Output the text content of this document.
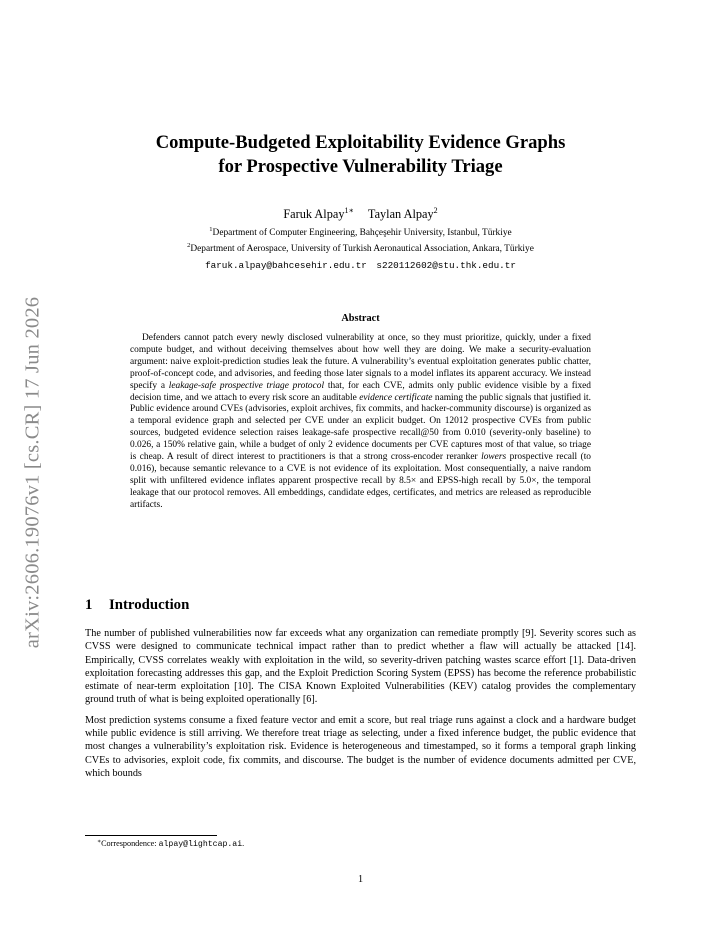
arXiv:2606.19076v1 [cs.CR] 17 Jun 2026
Compute-Budgeted Exploitability Evidence Graphs
for Prospective Vulnerability Triage
Faruk Alpay$^{1∗}$ Taylan Alpay$^2$
$^1$Department of Computer Engineering, Bahçeşehir University, Istanbul, Türkiye
$^2$Department of Aerospace, University of Turkish Aeronautical Association, Ankara, Türkiye
faruk.alpay@bahcesehir.edu.tr s220112602@stu.thk.edu.tr
Abstract

Defenders cannot patch every newly disclosed vulnerability at once, so they must prioritize, quickly, under a fixed compute budget, and without deceiving themselves about how well they are doing. We make a security-evaluation argument: naive exploit-prediction studies leak the future. A vulnerability’s eventual exploitation generates public chatter, proof-of-concept code, and advisories, and feeding those later signals to a model inflates its apparent accuracy. We instead specify a leakage-safe prospective triage protocol that, for each CVE, admits only public evidence visible by a fixed decision time, and we attach to every risk score an auditable evidence certificate naming the public signals that justified it. Public evidence around CVEs (advisories, exploit archives, fix commits, and hacker-community discourse) is organized as a temporal evidence graph and selected per CVE under an explicit budget. On 12012 prospective CVEs from public sources, budgeted evidence selection raises leakage-safe prospective recall@50 from 0.010 (severity-only baseline) to 0.026, a 150% relative gain, while a budget of only 2 evidence documents per CVE captures most of that value, so triage is cheap. A result of direct interest to practitioners is that a strong cross-encoder reranker lowers prospective recall (to 0.016), because semantic relevance to a CVE is not evidence of its exploitation. Most consequentially, a naive random split with unfiltered evidence inflates apparent prospective recall by 8.5× and EPSS-high recall by 5.0×, the temporal leakage that our protocol removes. All embeddings, candidate edges, certificates, and metrics are released as reproducible artifacts.

1 Introduction

The number of published vulnerabilities now far exceeds what any organization can remediate promptly [9]. Severity scores such as CVSS were designed to communicate technical impact rather than to predict whether a flaw will actually be attacked [14]. Empirically, CVSS correlates weakly with exploitation in the wild, so severity-driven patching wastes scarce effort [1]. Data-driven exploitation forecasting addresses this gap, and the Exploit Prediction Scoring System (EPSS) has become the reference probabilistic estimate of near-term exploitation [10]. The CISA Known Exploited Vulnerabilities (KEV) catalog provides the complementary ground truth of what is being exploited operationally [6].

Most prediction systems consume a fixed feature vector and emit a score, but real triage runs against a clock and a hardware budget while public evidence is still arriving. We therefore treat triage as selecting, under a fixed inference budget, the public evidence that most changes a vulnerability’s exploitation risk. Evidence is heterogeneous and timestamped, so it forms a temporal graph linking CVEs to advisories, exploit code, fix commits, and discourse. The budget is the number of evidence documents admitted per CVE, which bounds

∗Correspondence: alpay@lightcap.ai.
1
